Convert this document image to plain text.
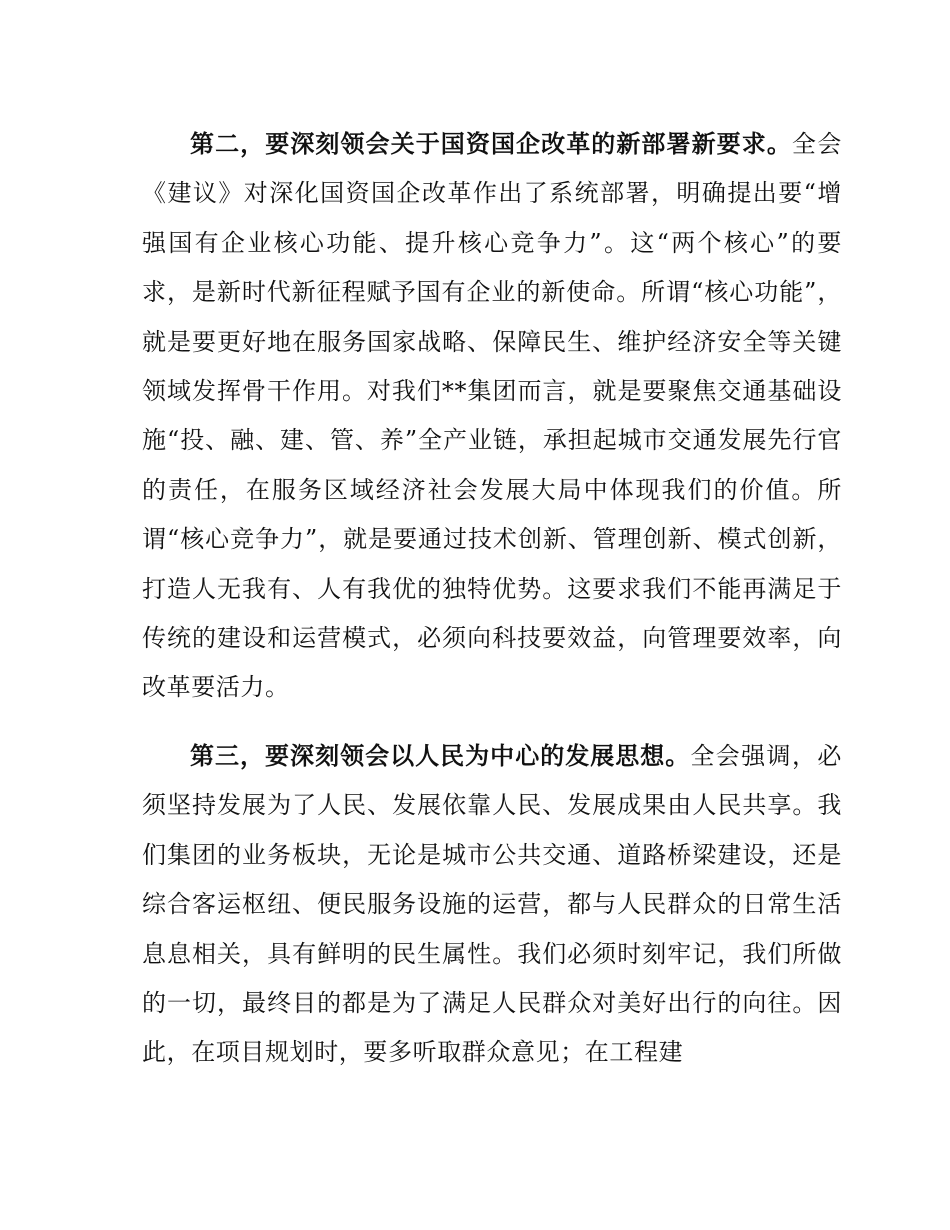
第二，要深刻领会关于国资国企改革的新部署新要求。全会《建议》对深化国资国企改革作出了系统部署，明确提出要“增强国有企业核心功能、提升核心竞争力”。这“两个核心”的要求，是新时代新征程赋予国有企业的新使命。所谓“核心功能”，就是要更好地在服务国家战略、保障民生、维护经济安全等关键领域发挥骨干作用。对我们**集团而言，就是要聚焦交通基础设施“投、融、建、管、养”全产业链，承担起城市交通发展先行官的责任，在服务区域经济社会发展大局中体现我们的价值。所谓“核心竞争力”，就是要通过技术创新、管理创新、模式创新，打造人无我有、人有我优的独特优势。这要求我们不能再满足于传统的建设和运营模式，必须向科技要效益，向管理要效率，向改革要活力。

第三，要深刻领会以人民为中心的发展思想。全会强调，必须坚持发展为了人民、发展依靠人民、发展成果由人民共享。我们集团的业务板块，无论是城市公共交通、道路桥梁建设，还是综合客运枢纽、便民服务设施的运营，都与人民群众的日常生活息息相关，具有鲜明的民生属性。我们必须时刻牢记，我们所做的一切，最终目的都是为了满足人民群众对美好出行的向往。因此，在项目规划时，要多听取群众意见；在工程建
